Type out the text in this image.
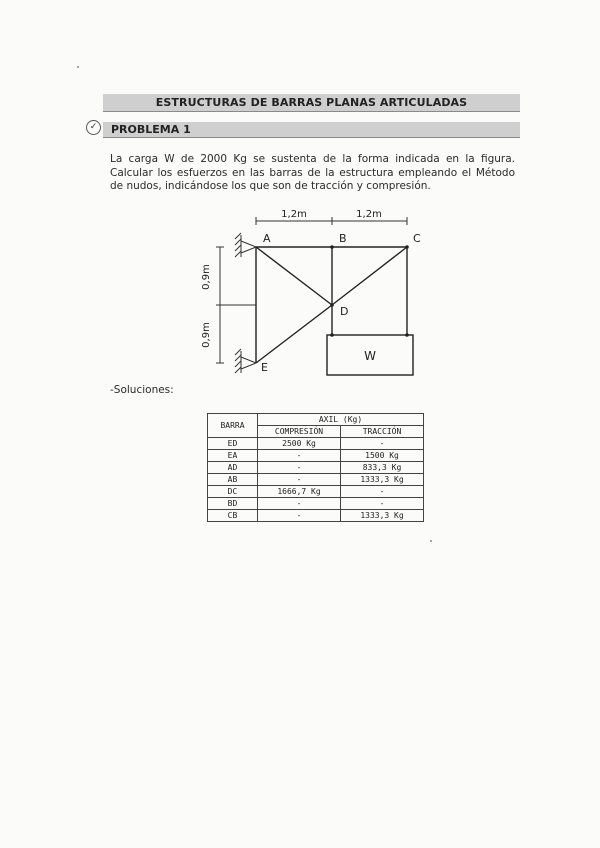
ESTRUCTURAS DE BARRAS PLANAS ARTICULADAS
✓	PROBLEMA 1
La carga W de 2000 Kg se sustenta de la forma indicada en la figura. Calcular los esfuerzos en las barras de la estructura empleando el Método de nudos, indicándose los que son de tracción y compresión.
1,2m	1,2m
0,9m
0,9m
A	B	C
D
E
W
-Soluciones:
BARRA	AXIL (Kg)	
	COMPRESIÓN	TRACCIÓN
ED	2500 Kg	-
EA	-	1500 Kg
AD	-	833,3 Kg
AB	-	1333,3 Kg
DC	1666,7 Kg	-
BD	-	-
CB	-	1333,3 Kg
